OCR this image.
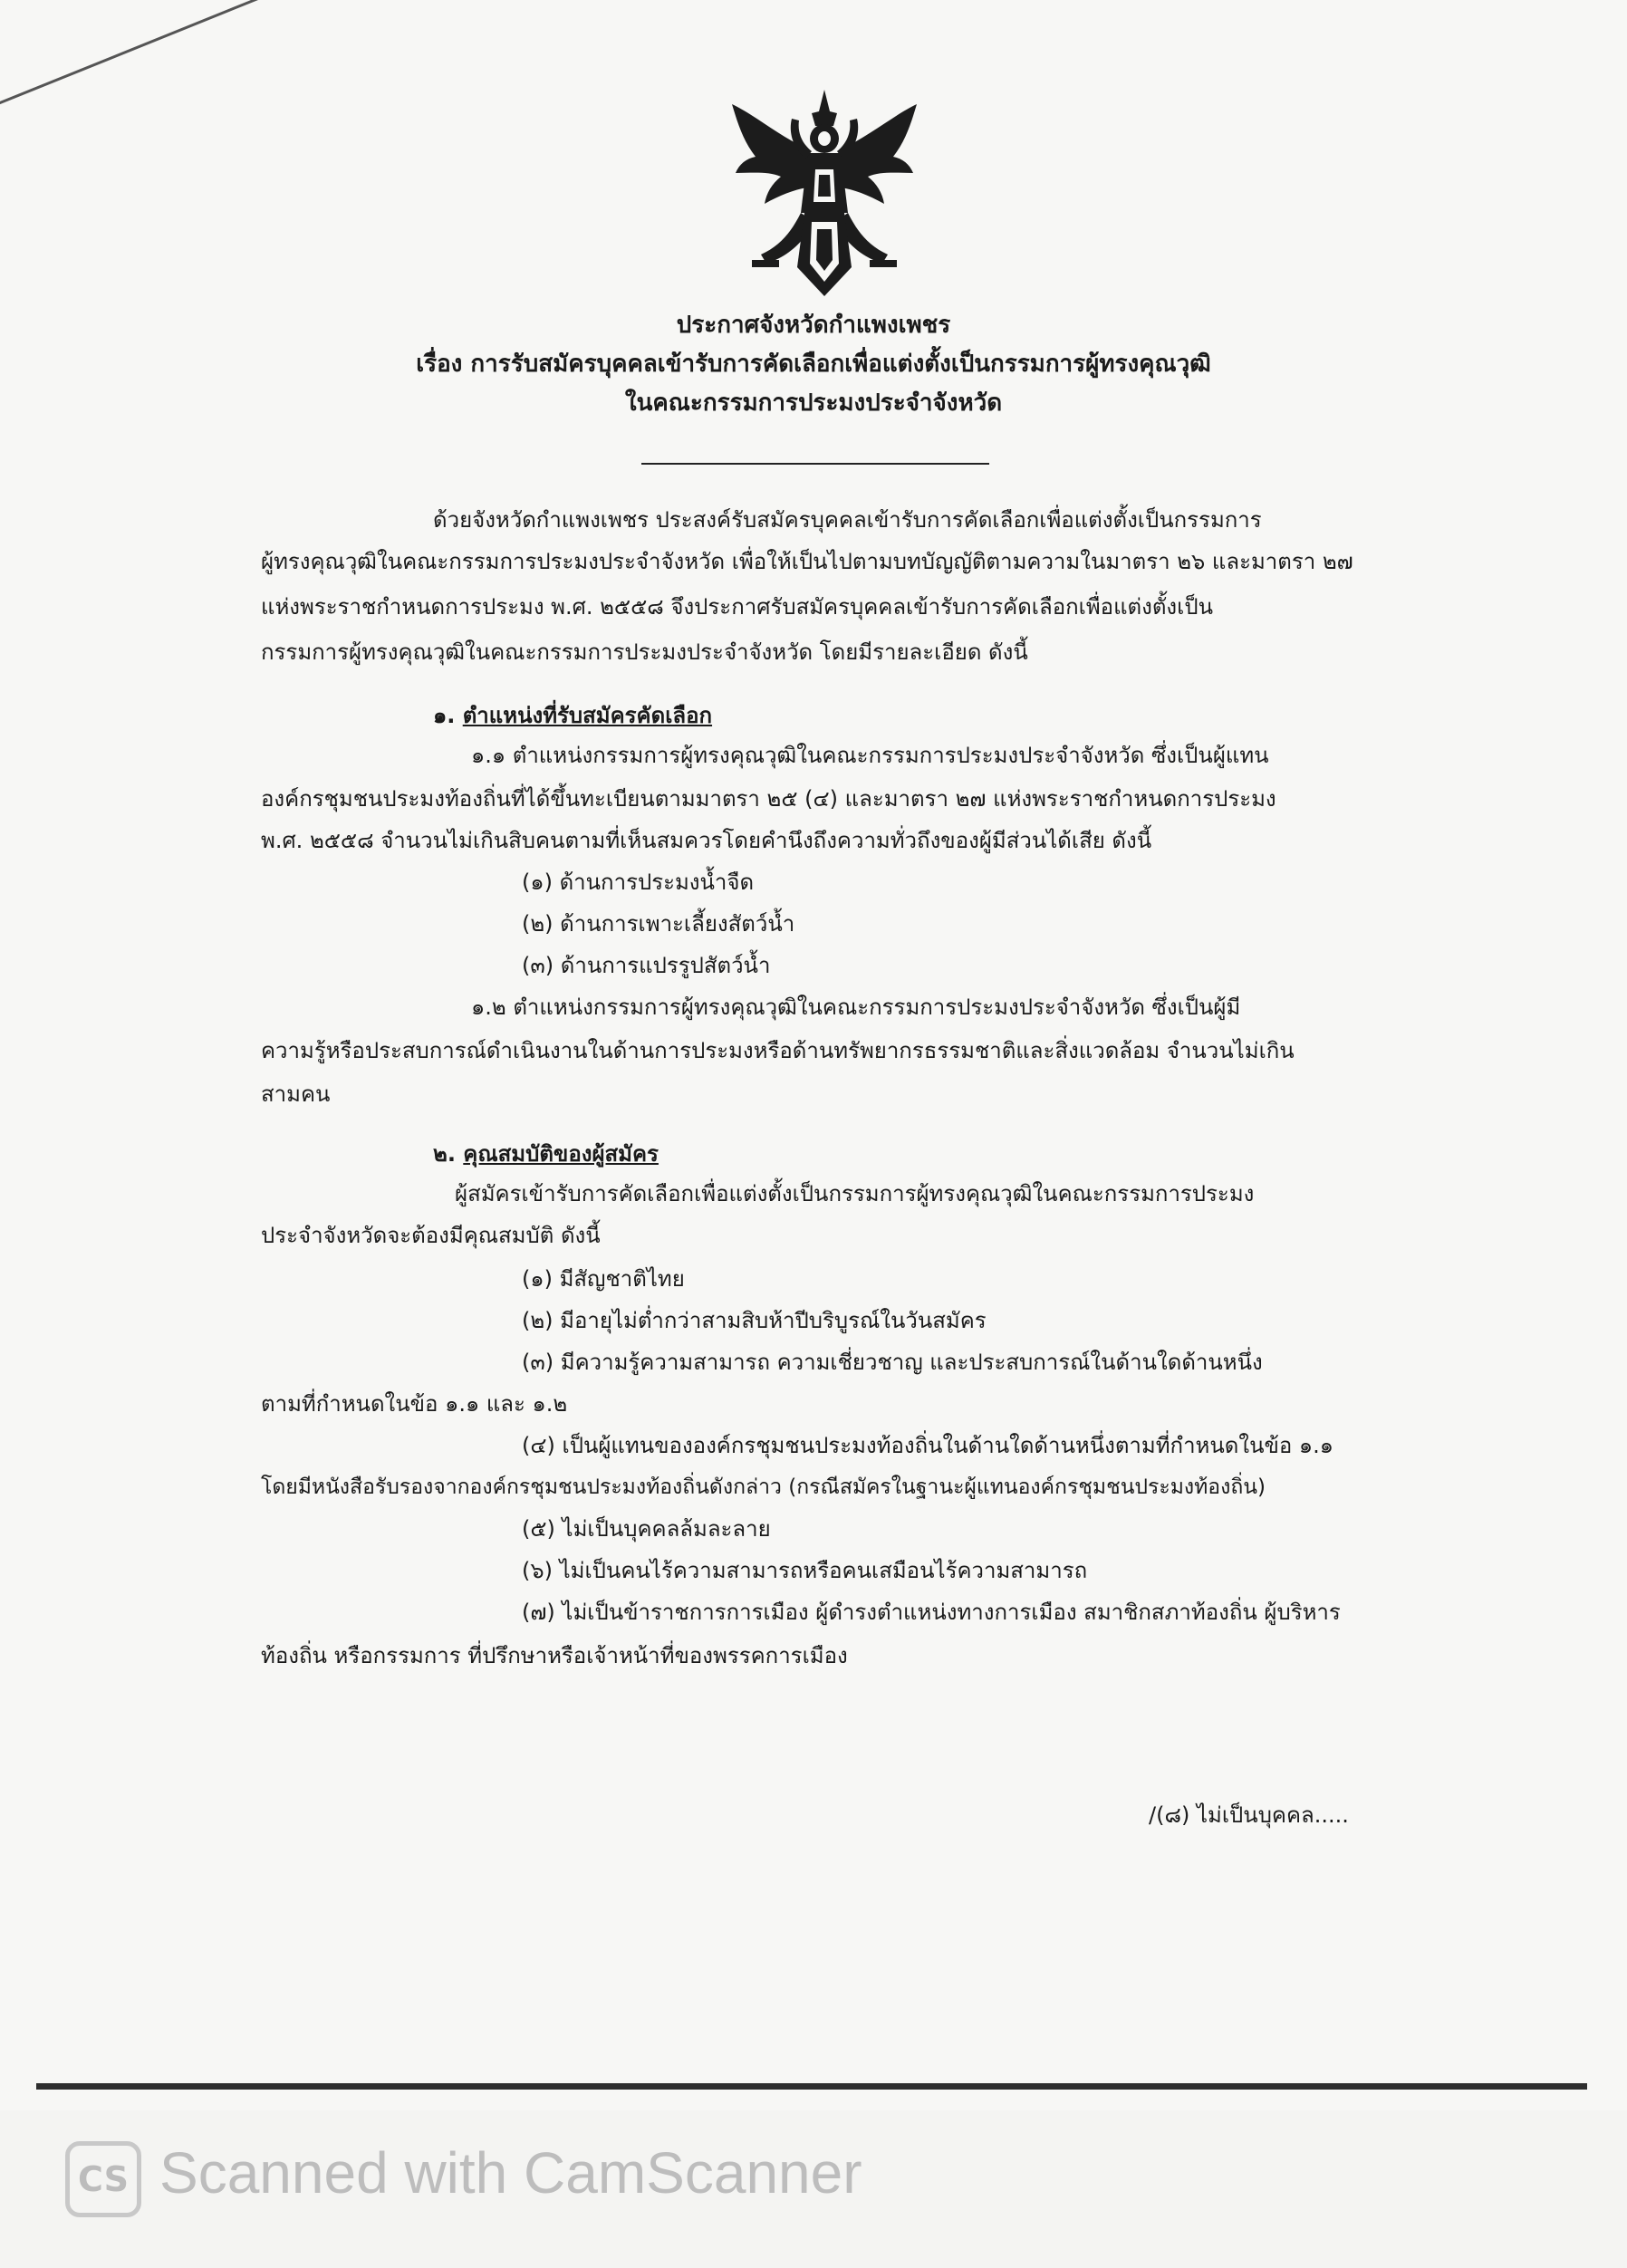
ประกาศจังหวัดกำแพงเพชร
เรื่อง การรับสมัครบุคคลเข้ารับการคัดเลือกเพื่อแต่งตั้งเป็นกรรมการผู้ทรงคุณวุฒิ
ในคณะกรรมการประมงประจำจังหวัด
ด้วยจังหวัดกำแพงเพชร ประสงค์รับสมัครบุคคลเข้ารับการคัดเลือกเพื่อแต่งตั้งเป็นกรรมการ
ผู้ทรงคุณวุฒิในคณะกรรมการประมงประจำจังหวัด เพื่อให้เป็นไปตามบทบัญญัติตามความในมาตรา ๒๖ และมาตรา ๒๗
แห่งพระราชกำหนดการประมง พ.ศ. ๒๕๕๘ จึงประกาศรับสมัครบุคคลเข้ารับการคัดเลือกเพื่อแต่งตั้งเป็น
กรรมการผู้ทรงคุณวุฒิในคณะกรรมการประมงประจำจังหวัด โดยมีรายละเอียด ดังนี้
๑. ตำแหน่งที่รับสมัครคัดเลือก
๑.๑ ตำแหน่งกรรมการผู้ทรงคุณวุฒิในคณะกรรมการประมงประจำจังหวัด ซึ่งเป็นผู้แทน
องค์กรชุมชนประมงท้องถิ่นที่ได้ขึ้นทะเบียนตามมาตรา ๒๕ (๔) และมาตรา ๒๗ แห่งพระราชกำหนดการประมง
พ.ศ. ๒๕๕๘ จำนวนไม่เกินสิบคนตามที่เห็นสมควรโดยคำนึงถึงความทั่วถึงของผู้มีส่วนได้เสีย ดังนี้
(๑) ด้านการประมงน้ำจืด
(๒) ด้านการเพาะเลี้ยงสัตว์น้ำ
(๓) ด้านการแปรรูปสัตว์น้ำ
๑.๒ ตำแหน่งกรรมการผู้ทรงคุณวุฒิในคณะกรรมการประมงประจำจังหวัด ซึ่งเป็นผู้มี
ความรู้หรือประสบการณ์ดำเนินงานในด้านการประมงหรือด้านทรัพยากรธรรมชาติและสิ่งแวดล้อม จำนวนไม่เกิน
สามคน
๒. คุณสมบัติของผู้สมัคร
ผู้สมัครเข้ารับการคัดเลือกเพื่อแต่งตั้งเป็นกรรมการผู้ทรงคุณวุฒิในคณะกรรมการประมง
ประจำจังหวัดจะต้องมีคุณสมบัติ ดังนี้
(๑) มีสัญชาติไทย
(๒) มีอายุไม่ต่ำกว่าสามสิบห้าปีบริบูรณ์ในวันสมัคร
(๓) มีความรู้ความสามารถ ความเชี่ยวชาญ และประสบการณ์ในด้านใดด้านหนึ่ง
ตามที่กำหนดในข้อ ๑.๑ และ ๑.๒
(๔) เป็นผู้แทนขององค์กรชุมชนประมงท้องถิ่นในด้านใดด้านหนึ่งตามที่กำหนดในข้อ ๑.๑
โดยมีหนังสือรับรองจากองค์กรชุมชนประมงท้องถิ่นดังกล่าว (กรณีสมัครในฐานะผู้แทนองค์กรชุมชนประมงท้องถิ่น)
(๕) ไม่เป็นบุคคลล้มละลาย
(๖) ไม่เป็นคนไร้ความสามารถหรือคนเสมือนไร้ความสามารถ
(๗) ไม่เป็นข้าราชการการเมือง ผู้ดำรงตำแหน่งทางการเมือง สมาชิกสภาท้องถิ่น ผู้บริหาร
ท้องถิ่น หรือกรรมการ ที่ปรึกษาหรือเจ้าหน้าที่ของพรรคการเมือง
/(๘) ไม่เป็นบุคคล.....
CS Scanned with CamScanner
